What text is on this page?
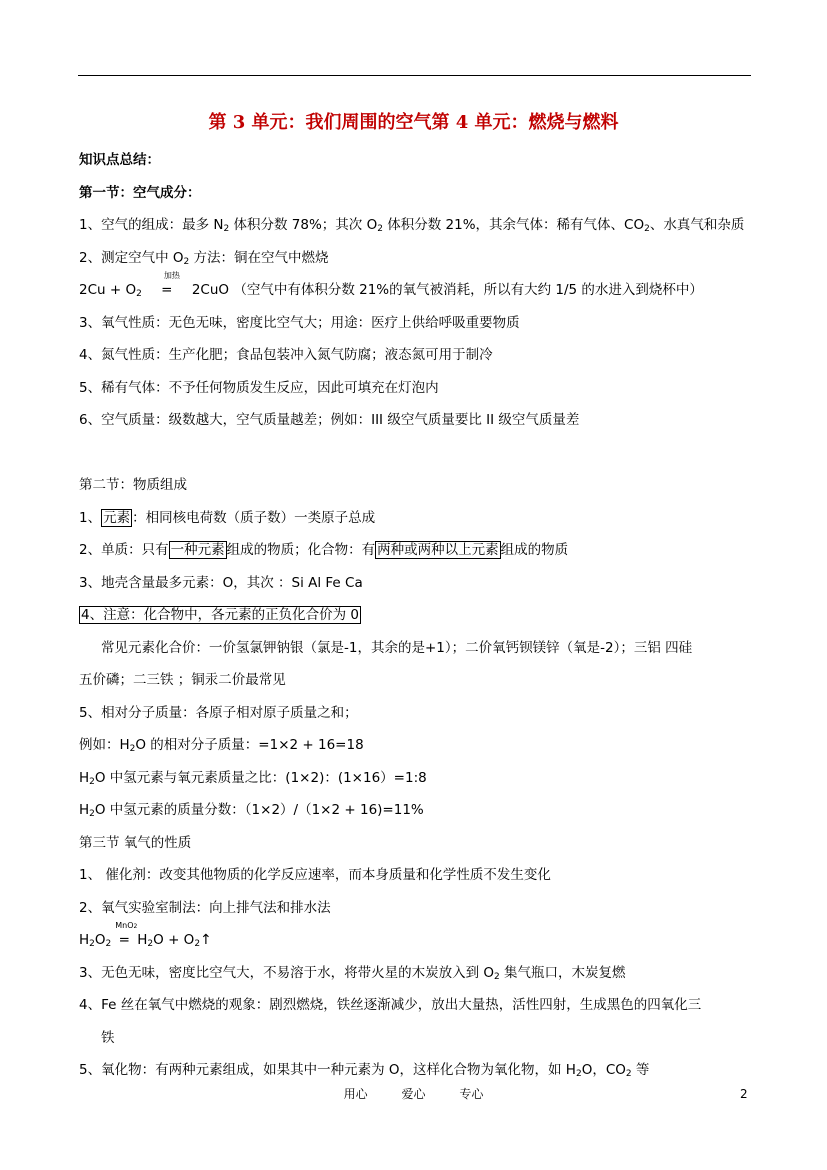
第 3 单元：我们周围的空气第 4 单元：燃烧与燃料
知识点总结：
第一节：空气成分：
1、空气的组成：最多 $N_2$ 体积分数 78%；其次 $O_2$ 体积分数 21%，其余气体：稀有气体、$CO_2$、水真气和杂质
2、测定空气中 $O_2$ 方法：铜在空气中燃烧
$2Cu + O_2$
加热
= 2CuO （空气中有体积分数 21%的氧气被消耗，所以有大约 1/5 的水进入到烧杯中）
3、氧气性质：无色无味，密度比空气大；用途：医疗上供给呼吸重要物质
4、氮气性质：生产化肥；食品包装冲入氮气防腐；液态氮可用于制冷
5、稀有气体：不予任何物质发生反应，因此可填充在灯泡内
6、空气质量：级数越大，空气质量越差；例如：III 级空气质量要比 II 级空气质量差
第二节：物质组成
1、 元素 ：相同核电荷数（质子数）一类原子总成
2、单质：只有 一种元素 组成的物质；化合物：有 两种或两种以上元素 组成的物质
3、地壳含量最多元素：O，其次 ：Si Al Fe Ca
4、注意：化合物中，各元素的正负化合价为 0
常见元素化合价：一价氢氯钾钠银（氯是-1，其余的是+1）；二价氧钙钡镁锌（氧是-2）；三铝 四硅
五价磷；二三铁 ；铜汞二价最常见
5、相对分子质量：各原子相对原子质量之和；
例如：$H_2O$ 的相对分子质量：=1×2 + 16=18
$H_2O$ 中氢元素与氧元素质量之比：(1×2)：(1×16）=1:8
$H_2O$ 中氢元素的质量分数：（1×2）/（1×2 + 16)=11%
第三节 氧气的性质
1、 催化剂：改变其他物质的化学反应速率，而本身质量和化学性质不发生变化
2、氧气实验室制法：向上排气法和排水法
$H_2O_2$
MnO2
= $H_2O$ + $O_2↑$
3、无色无味，密度比空气大，不易溶于水，将带火星的木炭放入到 $O_2$ 集气瓶口，木炭复燃
4、Fe 丝在氧气中燃烧的观象：剧烈燃烧，铁丝逐渐减少，放出大量热，活性四射，生成黑色的四氧化三
铁
5、氧化物：有两种元素组成，如果其中一种元素为 O，这样化合物为氧化物，如 $H_2O$，$CO_2$ 等
用心	爱心	专心	2
